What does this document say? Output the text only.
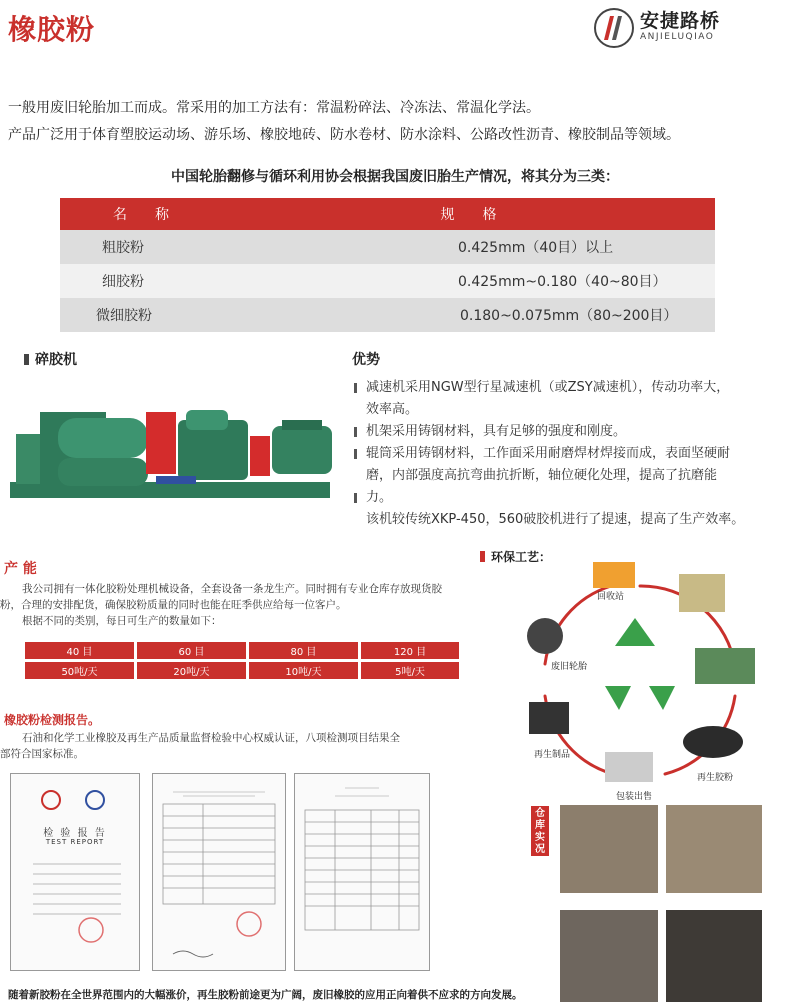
橡胶粉	安捷路桥
ANJIELUQIAO
一般用废旧轮胎加工而成。常采用的加工方法有：常温粉碎法、冷冻法、常温化学法。
产品广泛用于体育塑胶运动场、游乐场、橡胶地砖、防水卷材、防水涂料、公路改性沥青、橡胶制品等领域。
中国轮胎翻修与循环利用协会根据我国废旧胎生产情况，将其分为三类：
名　　称	规　　格
粗胶粉	0.425mm（40目）以上
细胶粉	0.425mm~0.180（40~80目）
微细胶粉	0.180~0.075mm（80~200目）
碎胶机	优势
减速机采用NGW型行星减速机（或ZSY减速机），传动功率大，
效率高。
机架采用铸钢材料，具有足够的强度和刚度。
辊筒采用铸钢材料，工作面采用耐磨焊材焊接而成，表面坚硬耐
磨，内部强度高抗弯曲抗折断，轴位硬化处理，提高了抗磨能
力。
该机较传统XKP-450，560破胶机进行了提速，提高了生产效率。
产 能
我公司拥有一体化胶粉处理机械设备，全套设备一条龙生产。同时拥有专业仓库存放现货胶
粉，合理的安排配货，确保胶粉质量的同时也能在旺季供应给每一位客户。
根据不同的类别，每日可生产的数量如下：
40 目	60 目	80 目	120 目
50吨/天	20吨/天	10吨/天	5吨/天
橡胶粉检测报告。
石油和化学工业橡胶及再生产品质量监督检验中心权威认证，八项检测项目结果全
部符合国家标准。
检 验 报 告
TEST REPORT
环保工艺：
回收站
废旧轮胎
再生制品
包装出售
再生胶粉
仓库实况
随着新胶粉在全世界范围内的大幅涨价，再生胶粉前途更为广阔，废旧橡胶的应用正向着供不应求的方向发展。
